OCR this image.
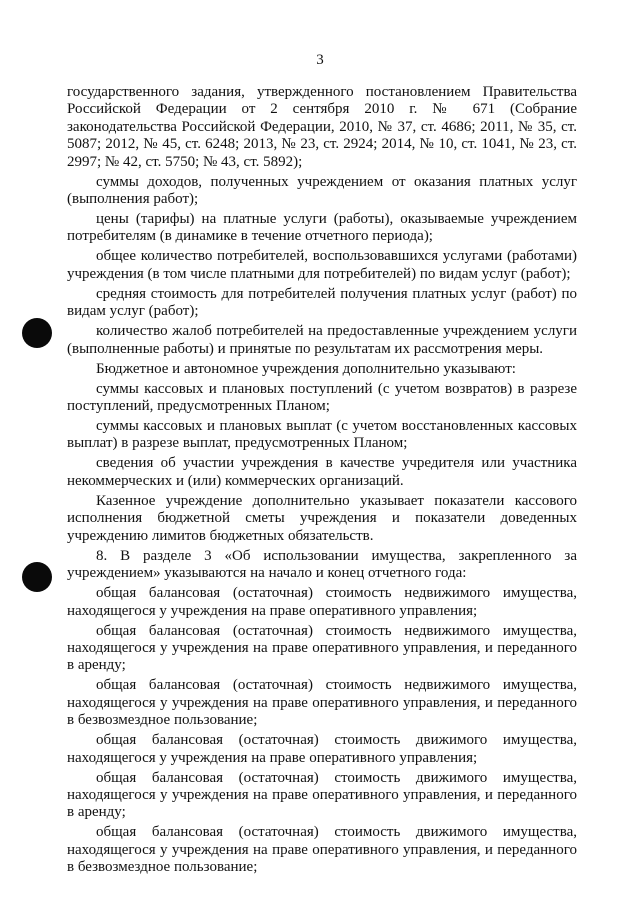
3

государственного задания, утвержденного постановлением Правительства Российской Федерации от 2 сентября 2010 г. № 671 (Собрание законодательства Российской Федерации, 2010, № 37, ст. 4686; 2011, № 35, ст. 5087; 2012, № 45, ст. 6248; 2013, № 23, ст. 2924; 2014, № 10, ст. 1041, № 23, ст. 2997; № 42, ст. 5750; № 43, ст. 5892);

суммы доходов, полученных учреждением от оказания платных услуг (выполнения работ);

цены (тарифы) на платные услуги (работы), оказываемые учреждением потребителям (в динамике в течение отчетного периода);

общее количество потребителей, воспользовавшихся услугами (работами) учреждения (в том числе платными для потребителей) по видам услуг (работ);

средняя стоимость для потребителей получения платных услуг (работ) по видам услуг (работ);

количество жалоб потребителей на предоставленные учреждением услуги (выполненные работы) и принятые по результатам их рассмотрения меры.

Бюджетное и автономное учреждения дополнительно указывают:

суммы кассовых и плановых поступлений (с учетом возвратов) в разрезе поступлений, предусмотренных Планом;

суммы кассовых и плановых выплат (с учетом восстановленных кассовых выплат) в разрезе выплат, предусмотренных Планом;

сведения об участии учреждения в качестве учредителя или участника некоммерческих и (или) коммерческих организаций.

Казенное учреждение дополнительно указывает показатели кассового исполнения бюджетной сметы учреждения и показатели доведенных учреждению лимитов бюджетных обязательств.

8. В разделе 3 «Об использовании имущества, закрепленного за учреждением» указываются на начало и конец отчетного года:

общая балансовая (остаточная) стоимость недвижимого имущества, находящегося у учреждения на праве оперативного управления;

общая балансовая (остаточная) стоимость недвижимого имущества, находящегося у учреждения на праве оперативного управления, и переданного в аренду;

общая балансовая (остаточная) стоимость недвижимого имущества, находящегося у учреждения на праве оперативного управления, и переданного в безвозмездное пользование;

общая балансовая (остаточная) стоимость движимого имущества, находящегося у учреждения на праве оперативного управления;

общая балансовая (остаточная) стоимость движимого имущества, находящегося у учреждения на праве оперативного управления, и переданного в аренду;

общая балансовая (остаточная) стоимость движимого имущества, находящегося у учреждения на праве оперативного управления, и переданного в безвозмездное пользование;
